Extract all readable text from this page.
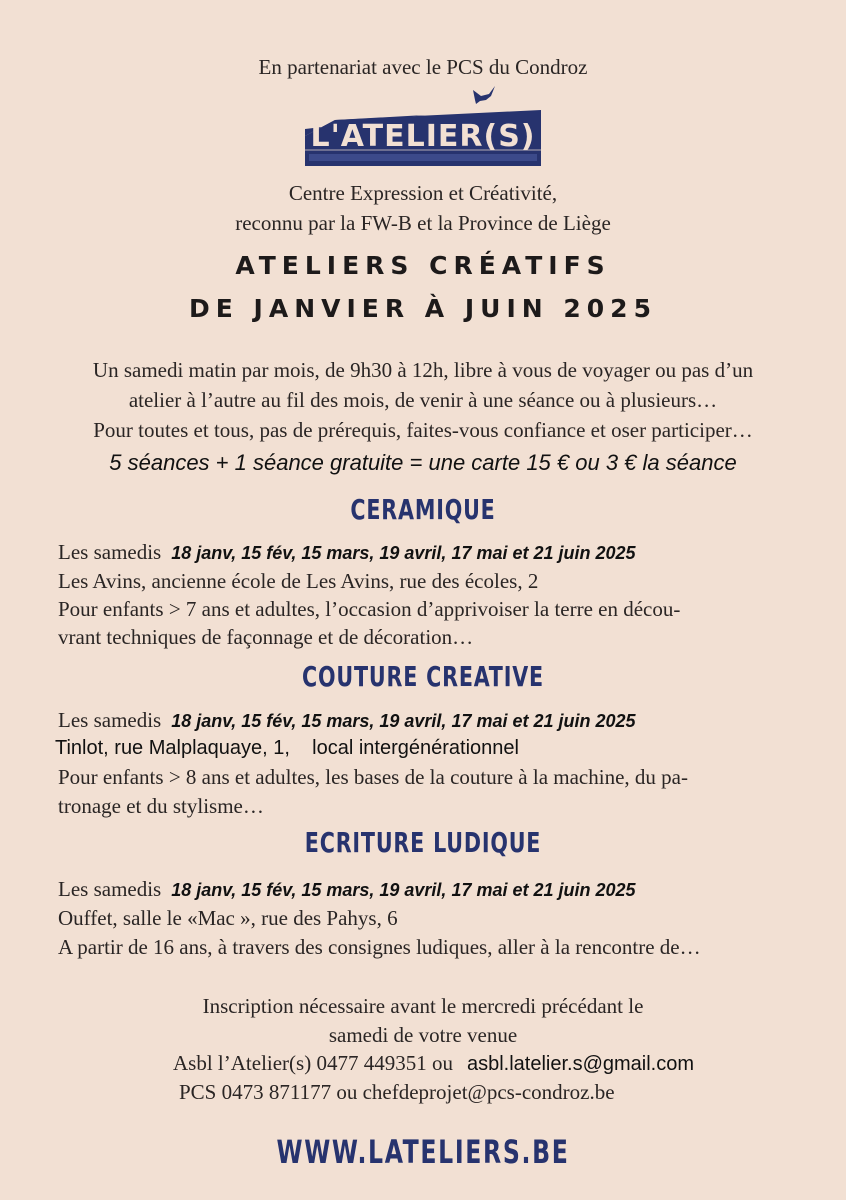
En partenariat avec le PCS du Condroz
L'ATELIER(S)
Centre Expression et Créativité,
reconnu par la FW-B et la Province de Liège
ATELIERS CRÉATIFS
DE JANVIER À JUIN 2025
Un samedi matin par mois, de 9h30 à 12h, libre à vous de voyager ou pas d’un
atelier à l’autre au fil des mois, de venir à une séance ou à plusieurs…
Pour toutes et tous, pas de prérequis, faites-vous confiance et oser participer…
5 séances + 1 séance gratuite = une carte 15 € ou 3 € la séance
CERAMIQUE
Les samedis 18 janv, 15 fév, 15 mars, 19 avril, 17 mai et 21 juin 2025
Les Avins, ancienne école de Les Avins, rue des écoles, 2
Pour enfants > 7 ans et adultes, l’occasion d’apprivoiser la terre en décou-
vrant techniques de façonnage et de décoration…
COUTURE CREATIVE
Les samedis 18 janv, 15 fév, 15 mars, 19 avril, 17 mai et 21 juin 2025
Tinlot, rue Malplaquaye, 1,    local intergénérationnel
Pour enfants > 8 ans et adultes, les bases de la couture à la machine, du pa-
tronage et du stylisme…
ECRITURE LUDIQUE
Les samedis 18 janv, 15 fév, 15 mars, 19 avril, 17 mai et 21 juin 2025
Ouffet, salle le «Mac », rue des Pahys, 6
A partir de 16 ans, à travers des consignes ludiques, aller à la rencontre de…
Inscription nécessaire avant le mercredi précédant le
samedi de votre venue
Asbl l’Atelier(s) 0477 449351 ou asbl.latelier.s@gmail.com
PCS 0473 871177 ou chefdeprojet@pcs-condroz.be
WWW.LATELIERS.BE
